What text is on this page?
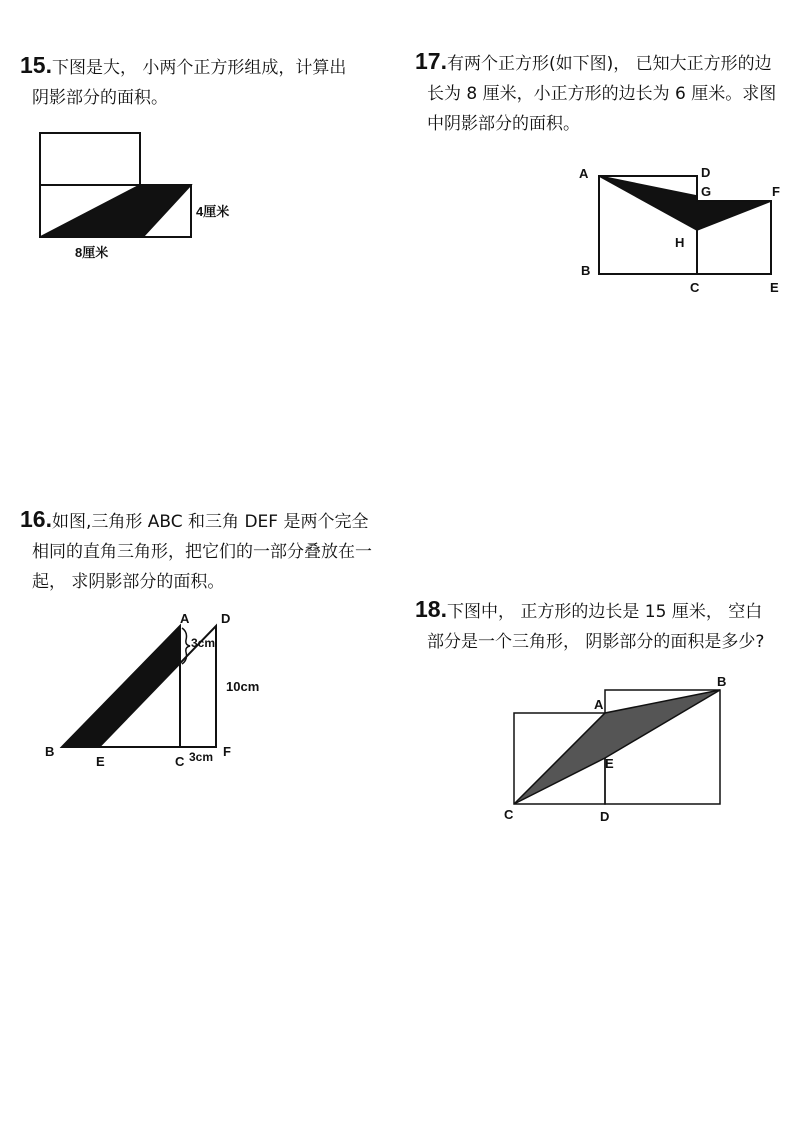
15.下图是大， 小两个正方形组成，计算出
阴影部分的面积。

4厘米
8厘米

17.有两个正方形(如下图)， 已知大正方形的边
长为 8 厘米，小正方形的边长为 6 厘米。求图
中阴影部分的面积。

A	D
G	F
H
B
C	E

16.如图,三角形 ABC 和三角 DEF 是两个完全
相同的直角三角形，把它们的一部分叠放在一
起， 求阴影部分的面积。

A D
3cm
10cm
B
E	C 3cm F

18.下图中， 正方形的边长是 15 厘米， 空白
部分是一个三角形， 阴影部分的面积是多少?

A
B
E
C	D
